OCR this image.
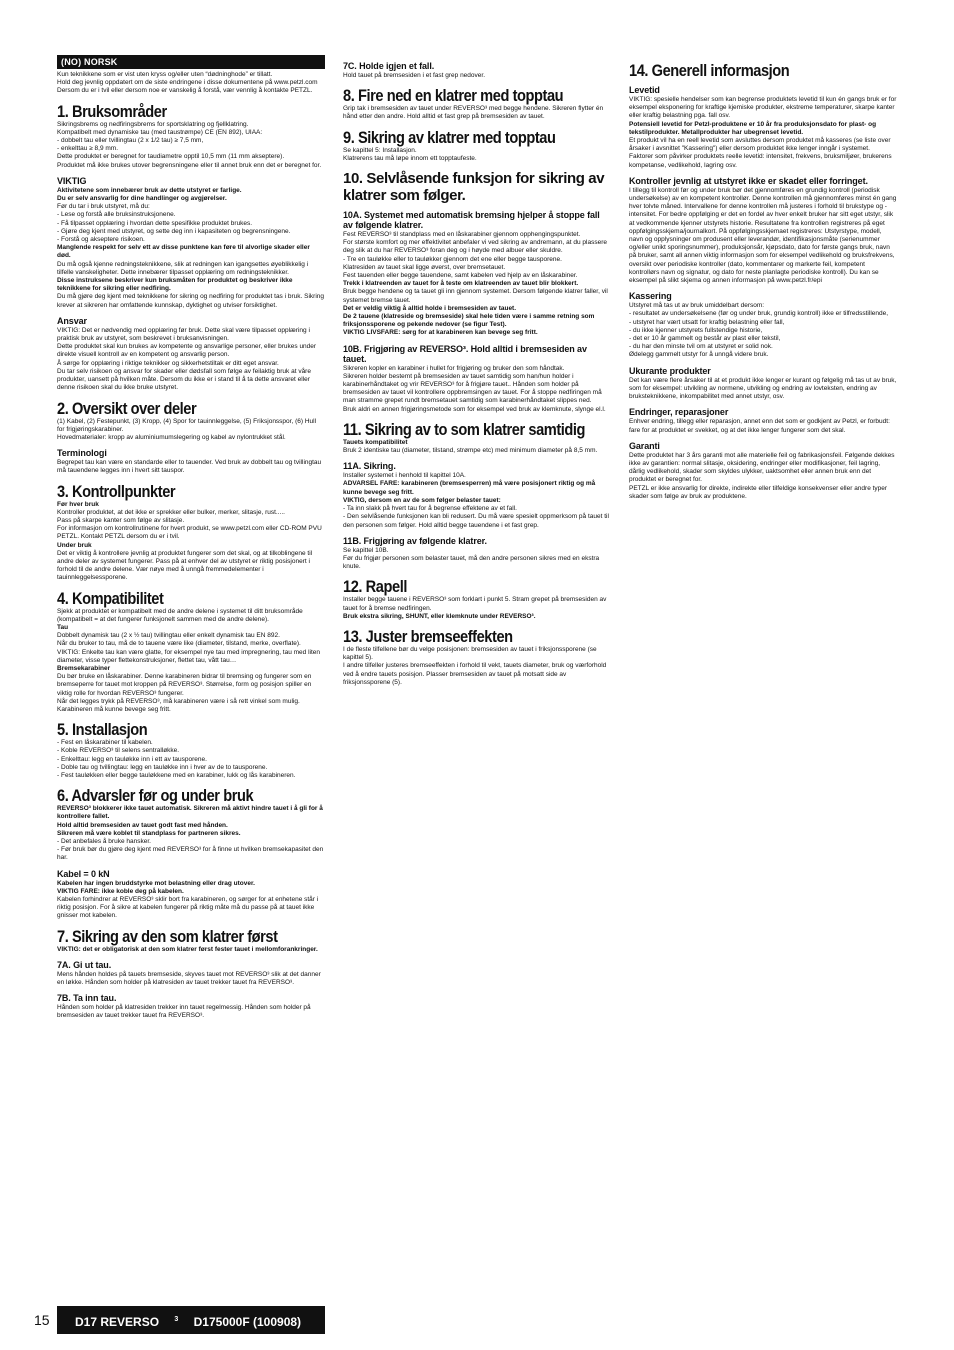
(NO) NORSK

Kun teknikkene som er vist uten kryss og/eller uten “dødninghode” er tillatt.
Hold deg jevnlig oppdatert om de siste endringene i disse dokumentene på www.petzl.com
Dersom du er i tvil eller dersom noe er vanskelig å forstå, vær vennlig å kontakte PETZL.

1. Bruksområder

Sikringsbrems og nedfiringsbrems for sportsklatring og fjellklatring.
Kompatibelt med dynamiske tau (med taustrømpe) CE (EN 892), UIAA:
- dobbelt tau eller tvillingtau (2 x 1/2 tau) ≥ 7,5 mm,
- enkelttau ≥ 8,9 mm.
Dette produktet er beregnet for taudiametre opptil 10,5 mm (11 mm akseptere).
Produktet må ikke brukes utover begrensningene eller til annet bruk enn det er beregnet for.

VIKTIG

Aktivitetene som innebærer bruk av dette utstyret er farlige.
Du er selv ansvarlig for dine handlinger og avgjørelser.

Før du tar i bruk utstyret, må du:
- Lese og forstå alle bruksinstruksjonene.
- Få tilpasset opplæring i hvordan dette spesifikke produktet brukes.
- Gjøre deg kjent med utstyret, og sette deg inn i kapasiteten og begrensningene.
- Forstå og akseptere risikoen.

Manglende respekt for selv ett av disse punktene kan føre til alvorlige skader eller død.

Du må også kjenne redningsteknikkene, slik at redningen kan igangsettes øyeblikkelig i tilfelle vanskeligheter. Dette innebærer tilpasset opplæring om redningsteknikker.

Disse instruksene beskriver kun bruksmåten for produktet og beskriver ikke teknikkene for sikring eller nedfiring.

Du må gjøre deg kjent med teknikkene for sikring og nedfiring for produktet tas i bruk. Sikring krever at sikreren har omfattende kunnskap, dyktighet og utviser forsiktighet.

Ansvar

VIKTIG: Det er nødvendig med opplæring før bruk. Dette skal være tilpasset opplæring i praktisk bruk av utstyret, som beskrevet i bruksanvisningen.
Dette produktet skal kun brukes av kompetente og ansvarlige personer, eller brukes under direkte visuell kontroll av en kompetent og ansvarlig person.
Å sørge for opplæring i riktige teknikker og sikkerhetstiltak er ditt eget ansvar.
Du tar selv risikoen og ansvar for skader eller dødsfall som følge av feilaktig bruk at våre produkter, uansett på hvilken måte. Dersom du ikke er i stand til å ta dette ansvaret eller denne risikoen skal du ikke bruke utstyret.

2. Oversikt over deler

(1) Kabel, (2) Festepunkt, (3) Kropp, (4) Spor for tauinnleggelse, (5) Friksjonsspor, (6) Hull for frigjøringskarabiner.
Hovedmaterialer: kropp av aluminiumumslegering og kabel av nylontrukket stål.

Terminologi

Begrepet tau kan være en standarde eller to tauender. Ved bruk av dobbelt tau og tvillingtau må tauendene legges inn i hvert sitt tauspor.

3. Kontrollpunkter

Før hver bruk

Kontroller produktet, at det ikke er sprekker eller bulker, merker, slitasje, rust.....
Pass på skarpe kanter som følge av slitasje.
For informasjon om kontrollrutinene for hvert produkt, se www.petzl.com eller CD-ROM PVU PETZL. Kontakt PETZL dersom du er i tvil.

Under bruk

Det er viktig å kontrollere jevnlig at produktet fungerer som det skal, og at tilkoblingene til andre deler av systemet fungerer. Pass på at enhver del av utstyret er riktig posisjonert i forhold til de andre delene. Vær nøye med å unngå fremmedelementer i tauinnleggelsessporene.

4. Kompatibilitet

Sjekk at produktet er kompatibelt med de andre delene i systemet til ditt bruksområde (kompatibelt = at det fungerer funksjonelt sammen med de andre delene).

Tau

Dobbelt dynamisk tau (2 x ½ tau) tvillingtau eller enkelt dynamisk tau EN 892.
Når du bruker to tau, må de to tauene være like (diameter, tilstand, merke, overflate).
VIKTIG: Enkelte tau kan være glatte, for eksempel nye tau med impregnering, tau med liten diameter, visse typer flettekonstruksjoner, flettet tau, vått tau…

Bremsekarabiner

Du bør bruke en låskarabiner. Denne karabineren bidrar til bremsing og fungerer som en bremseperre for tauet mot kroppen på REVERSO³. Størrelse, form og posisjon spiller en viktig rolle for hvordan REVERSO³ fungerer.
Når det legges trykk på REVERSO³, må karabineren være i så rett vinkel som mulig.
Karabineren må kunne bevege seg fritt.

5. Installasjon

- Fest en låskarabiner til kabelen.
- Koble REVERSO³ til selens sentralløkke.
- Enkelttau: legg en tauløkke inn i ett av tausporene.
- Doble tau og tvillingtau: legg en tauløkke inn i hver av de to tausporene.
- Fest tauløkken eller begge tauløkkene med en karabiner, lukk og lås karabineren.

6. Advarsler før og under bruk

REVERSO³ blokkerer ikke tauet automatisk. Sikreren må aktivt hindre tauet i å gli for å kontrollere fallet.
Hold alltid bremsesiden av tauet godt fast med hånden.
Sikreren må være koblet til standplass for partneren sikres.

- Det anbefales å bruke hansker.
- Før bruk bør du gjøre deg kjent med REVERSO³ for å finne ut hvilken bremsekapasitet den har.

Kabel = 0 kN

Kabelen har ingen bruddstyrke mot belastning eller drag utover.
VIKTIG FARE: ikke koble deg på kabelen.

Kabelen forhindrer at REVERSO³ sklir bort fra karabineren, og sørger for at enhetene står i riktig posisjon. For å sikre at kabelen fungerer på riktig måte må du passe på at tauet ikke gnisser mot kabelen.

7. Sikring av den som klatrer først

VIKTIG: det er obligatorisk at den som klatrer først fester tauet i mellomforankringer.

7A. Gi ut tau.

Mens hånden holdes på tauets bremseside, skyves tauet mot REVERSO³ slik at det danner en løkke. Hånden som holder på klatresiden av tauet trekker tauet fra REVERSO³.

7B. Ta inn tau.

Hånden som holder på klatresiden trekker inn tauet regelmessig. Hånden som holder på bremsesiden av tauet trekker tauet fra REVERSO³.

7C. Holde igjen et fall.

Hold tauet på bremsesiden i et fast grep nedover.

8. Fire ned en klatrer med topptau

Grip tak i bremsesiden av tauet under REVERSO³ med begge hendene. Sikreren flytter én hånd etter den andre. Hold alltid et fast grep på bremsesiden av tauet.

9. Sikring av klatrer med topptau

Se kapittel 5: Installasjon.
Klatrerens tau må løpe innom ett topptaufeste.

10. Selvlåsende funksjon for sikring av klatrer som følger.
10A. Systemet med automatisk bremsing hjelper å stoppe fall av følgende klatrer.

Fest REVERSO³ til standplass med en låskarabiner gjennom opphengingspunktet.
For største komfort og mer effektivitet anbefaler vi ved sikring av andremann, at du plassere deg slik at du har REVERSO³ foran deg og i høyde med albuer eller skuldre.
- Tre en tauløkke eller to tauløkker gjennom det ene eller begge tausporene.
Klatresiden av tauet skal ligge øverst, over bremsetauet.
Fest tauenden eller begge tauendene, samt kabelen ved hjelp av en låskarabiner.

Trekk i klatreenden av tauet for å teste om klatreenden av tauet blir blokkert.

Bruk begge hendene og ta tauet gli inn gjennom systemet. Dersom følgende klatrer faller, vil systemet bremse tauet.

Det er veldig viktig å alltid holde i bremsesiden av tauet.
De 2 tauene (klatreside og bremseside) skal hele tiden være i samme retning som friksjonssporene og pekende nedover (se figur Test).
VIKTIG LIVSFARE: sørg for at karabineren kan bevege seg fritt.

10B. Frigjøring av REVERSO³. Hold alltid i bremsesiden av tauet.

Sikreren kopler en karabiner i hullet for frigjøring og bruker den som håndtak.
Sikreren holder bestemt på bremsesiden av tauet samtidig som han/hun holder i karabinerhåndtaket og vrir REVERSO³ for å frigjøre tauet.. Hånden som holder på bremsesiden av tauet vil kontrollere oppbremsingen av tauet. For å stoppe nedfiringen må man stramme grepet rundt bremsetauet samtidig som karabinerhåndtaket slippes ned.
Bruk aldri en annen frigjøringsmetode som for eksempel ved bruk av klemknute, slynge el.l.

11. Sikring av to som klatrer samtidig

Tauets kompatibilitet

Bruk 2 identiske tau (diameter, tilstand, strømpe etc) med minimum diameter på 8,5 mm.

11A. Sikring.

Installer systemet i henhold til kapittel 10A.

ADVARSEL FARE: karabineren (bremsesperren) må være posisjonert riktig og må kunne bevege seg fritt.
VIKTIG, dersom en av de som følger belaster tauet:

- Ta inn slakk på hvert tau for å begrense effektene av et fall.
- Den selvlåsende funksjonen kan bli redusert. Du må være spesielt oppmerksom på tauet til den personen som følger. Hold alltid begge tauendene i et fast grep.

11B. Frigjøring av følgende klatrer.

Se kapittel 10B.
Før du frigjør personen som belaster tauet, må den andre personen sikres med en ekstra knute.

12. Rapell

Installer begge tauene i REVERSO³ som forklart i punkt 5. Stram grepet på bremsesiden av tauet for å bremse nedfiringen.

Bruk ekstra sikring, SHUNT, eller klemknute under REVERSO³.

13. Juster bremseeffekten

I de fleste tilfellene bør du velge posisjonen: bremsesiden av tauet i friksjonssporene (se kapittel 5).
I andre tilfeller justeres bremseeffekten i forhold til vekt, tauets diameter, bruk og værforhold ved å endre tauets posisjon. Plasser bremsesiden av tauet på motsatt side av friksjonssporene (5).

14. Generell informasjon
Levetid

VIKTIG: spesielle hendelser som kan begrense produktets levetid til kun én gangs bruk er for eksempel eksponering for kraftige kjemiske produkter, ekstreme temperaturer, skarpe kanter eller kraftig belastning pga. fall osv.

Potensiell levetid for Petzl-produktene er 10 år fra produksjonsdato for plast- og tekstilprodukter. Metallprodukter har ubegrenset levetid.

Et produkt vil ha en reell levetid som avsluttes dersom produktet må kasseres (se liste over årsaker i avsnittet "Kassering") eller dersom produktet ikke lenger inngår i systemet.
Faktorer som påvirker produktets reelle levetid: intensitet, frekvens, bruksmiljøer, brukerens kompetanse, vedlikehold, lagring osv.

Kontroller jevnlig at utstyret ikke er skadet eller forringet.

I tillegg til kontroll før og under bruk bør det gjennomføres en grundig kontroll (periodisk undersøkelse) av en kompetent kontrollør. Denne kontrollen må gjennomføres minst én gang hver tolvte måned. Intervallene for denne kontrollen må justeres i forhold til brukstype og -intensitet. For bedre oppfølging er det en fordel av hver enkelt bruker har sitt eget utstyr, slik at vedkommende kjenner utstyrets historie. Resultatene fra kontrollen registreres på eget oppfølgingsskjema/journalkort. På oppfølgingsskjemaet registreres: Utstyrstype, modell, navn og opplysninger om produsent eller leverandør, identifikasjonsmåte (serienummer og/eller unikt sporingsnummer), produksjonsår, kjøpsdato, dato for første gangs bruk, navn på bruker, samt all annen viktig informasjon som for eksempel vedlikehold og bruksfrekvens, oversikt over periodiske kontroller (dato, kommentarer og markerte feil, kompetent kontrollørs navn og signatur, og dato for neste planlagte periodiske kontroll). Du kan se eksempel på slikt skjema og annen informasjon på www.petzl.fr/epi

Kassering

Utstyret må tas ut av bruk umiddelbart dersom:
- resultatet av undersøkelsene (før og under bruk, grundig kontroll) ikke er tilfredsstillende,
- utstyret har vært utsatt for kraftig belastning eller fall,
- du ikke kjenner utstyrets fullstendige historie,
- det er 10 år gammelt og består av plast eller tekstil,
- du har den minste tvil om at utstyret er solid nok.
Ødelegg gammelt utstyr for å unngå videre bruk.

Ukurante produkter

Det kan være flere årsaker til at et produkt ikke lenger er kurant og følgelig må tas ut av bruk, som for eksempel: utvikling av normene, utvikling og endring av lovteksten, endring av bruksteknikkene, inkompabilitet med annet utstyr, osv.

Endringer, reparasjoner

Enhver endring, tillegg eller reparasjon, annet enn det som er godkjent av Petzl, er forbudt: fare for at produktet er svekket, og at det ikke lenger fungerer som det skal.

Garanti

Dette produktet har 3 års garanti mot alle materielle feil og fabrikasjonsfeil. Følgende dekkes ikke av garantien: normal slitasje, oksidering, endringer eller modifikasjoner, feil lagring, dårlig vedlikehold, skader som skyldes ulykker, uaktsomhet eller annen bruk enn det produktet er beregnet for.
PETZL er ikke ansvarlig for direkte, indirekte eller tilfeldige konsekvenser eller andre typer skader som følge av bruk av produktene.

15	D17 REVERSO $^3$ D175000F (100908)
